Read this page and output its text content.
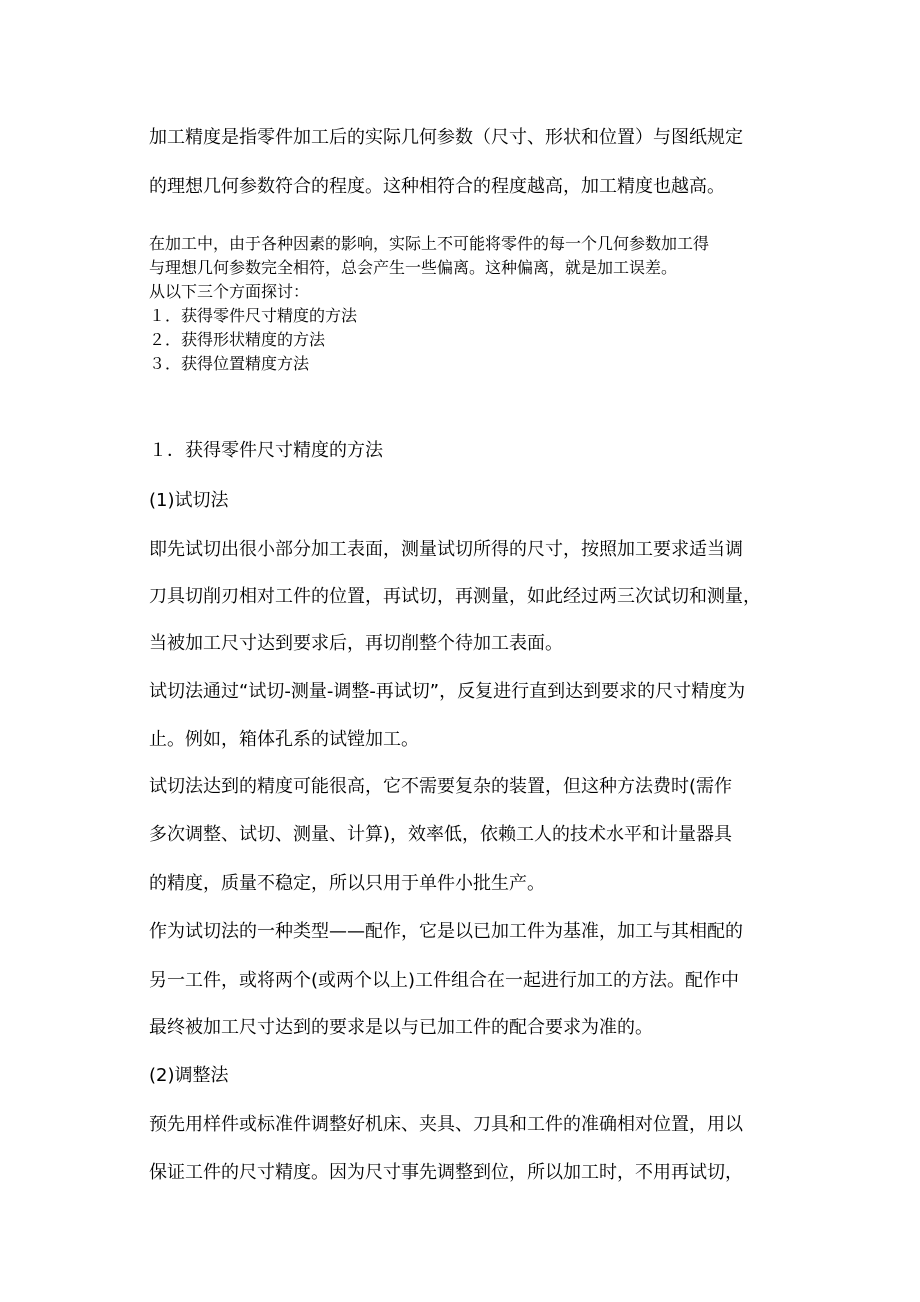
加工精度是指零件加工后的实际几何参数（尺寸、形状和位置）与图纸规定

的理想几何参数符合的程度。这种相符合的程度越高，加工精度也越高。

在加工中，由于各种因素的影响，实际上不可能将零件的每一个几何参数加工得

与理想几何参数完全相符，总会产生一些偏离。这种偏离，就是加工误差。

从以下三个方面探讨：

１．获得零件尺寸精度的方法

２．获得形状精度的方法

３．获得位置精度方法

１．获得零件尺寸精度的方法

(1)试切法

即先试切出很小部分加工表面，测量试切所得的尺寸，按照加工要求适当调

刀具切削刃相对工件的位置，再试切，再测量，如此经过两三次试切和测量，

当被加工尺寸达到要求后，再切削整个待加工表面。

试切法通过“试切-测量-调整-再试切”，反复进行直到达到要求的尺寸精度为

止。例如，箱体孔系的试镗加工。

试切法达到的精度可能很高，它不需要复杂的装置，但这种方法费时(需作

多次调整、试切、测量、计算)，效率低，依赖工人的技术水平和计量器具

的精度，质量不稳定，所以只用于单件小批生产。

作为试切法的一种类型——配作，它是以已加工件为基准，加工与其相配的

另一工件，或将两个(或两个以上)工件组合在一起进行加工的方法。配作中

最终被加工尺寸达到的要求是以与已加工件的配合要求为准的。

(2)调整法

预先用样件或标准件调整好机床、夹具、刀具和工件的准确相对位置，用以

保证工件的尺寸精度。因为尺寸事先调整到位，所以加工时，不用再试切，
